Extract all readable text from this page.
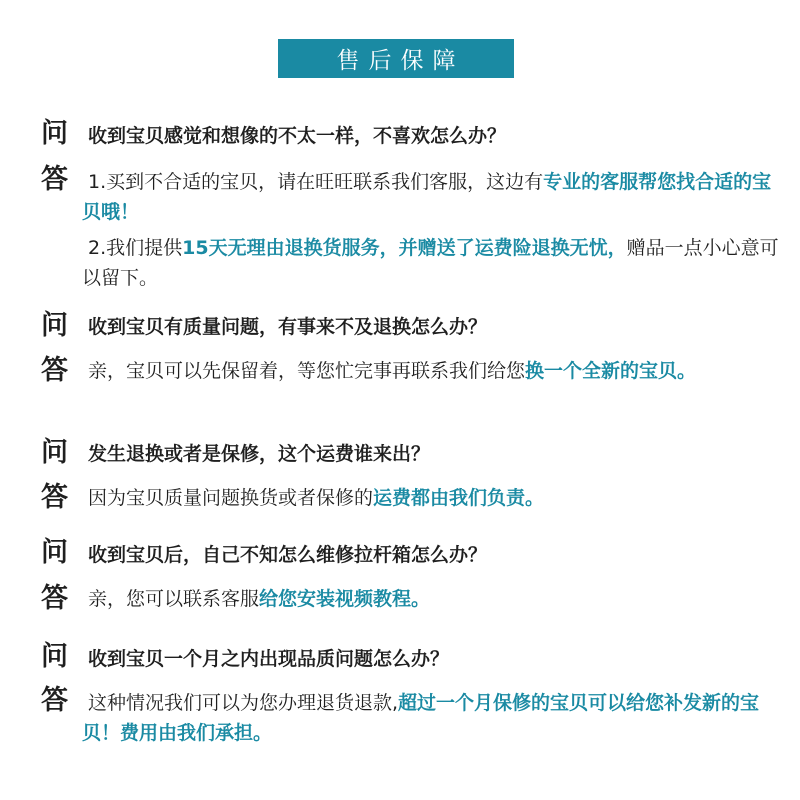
售后保障
问 收到宝贝感觉和想像的不太一样，不喜欢怎么办？
答	1.买到不合适的宝贝，请在旺旺联系我们客服，这边有专业的客服帮您找合适的宝贝哦！
2.我们提供15天无理由退换货服务，并赠送了运费险退换无忧，赠品一点小心意可以留下。
问 收到宝贝有质量问题，有事来不及退换怎么办？
答	亲，宝贝可以先保留着，等您忙完事再联系我们给您换一个全新的宝贝。
问 发生退换或者是保修，这个运费谁来出？
答	因为宝贝质量问题换货或者保修的运费都由我们负责。
问 收到宝贝后，自己不知怎么维修拉杆箱怎么办？
答	亲，您可以联系客服给您安装视频教程。
问 收到宝贝一个月之内出现品质问题怎么办？
答	这种情况我们可以为您办理退货退款,超过一个月保修的宝贝可以给您补发新的宝贝！费用由我们承担。
